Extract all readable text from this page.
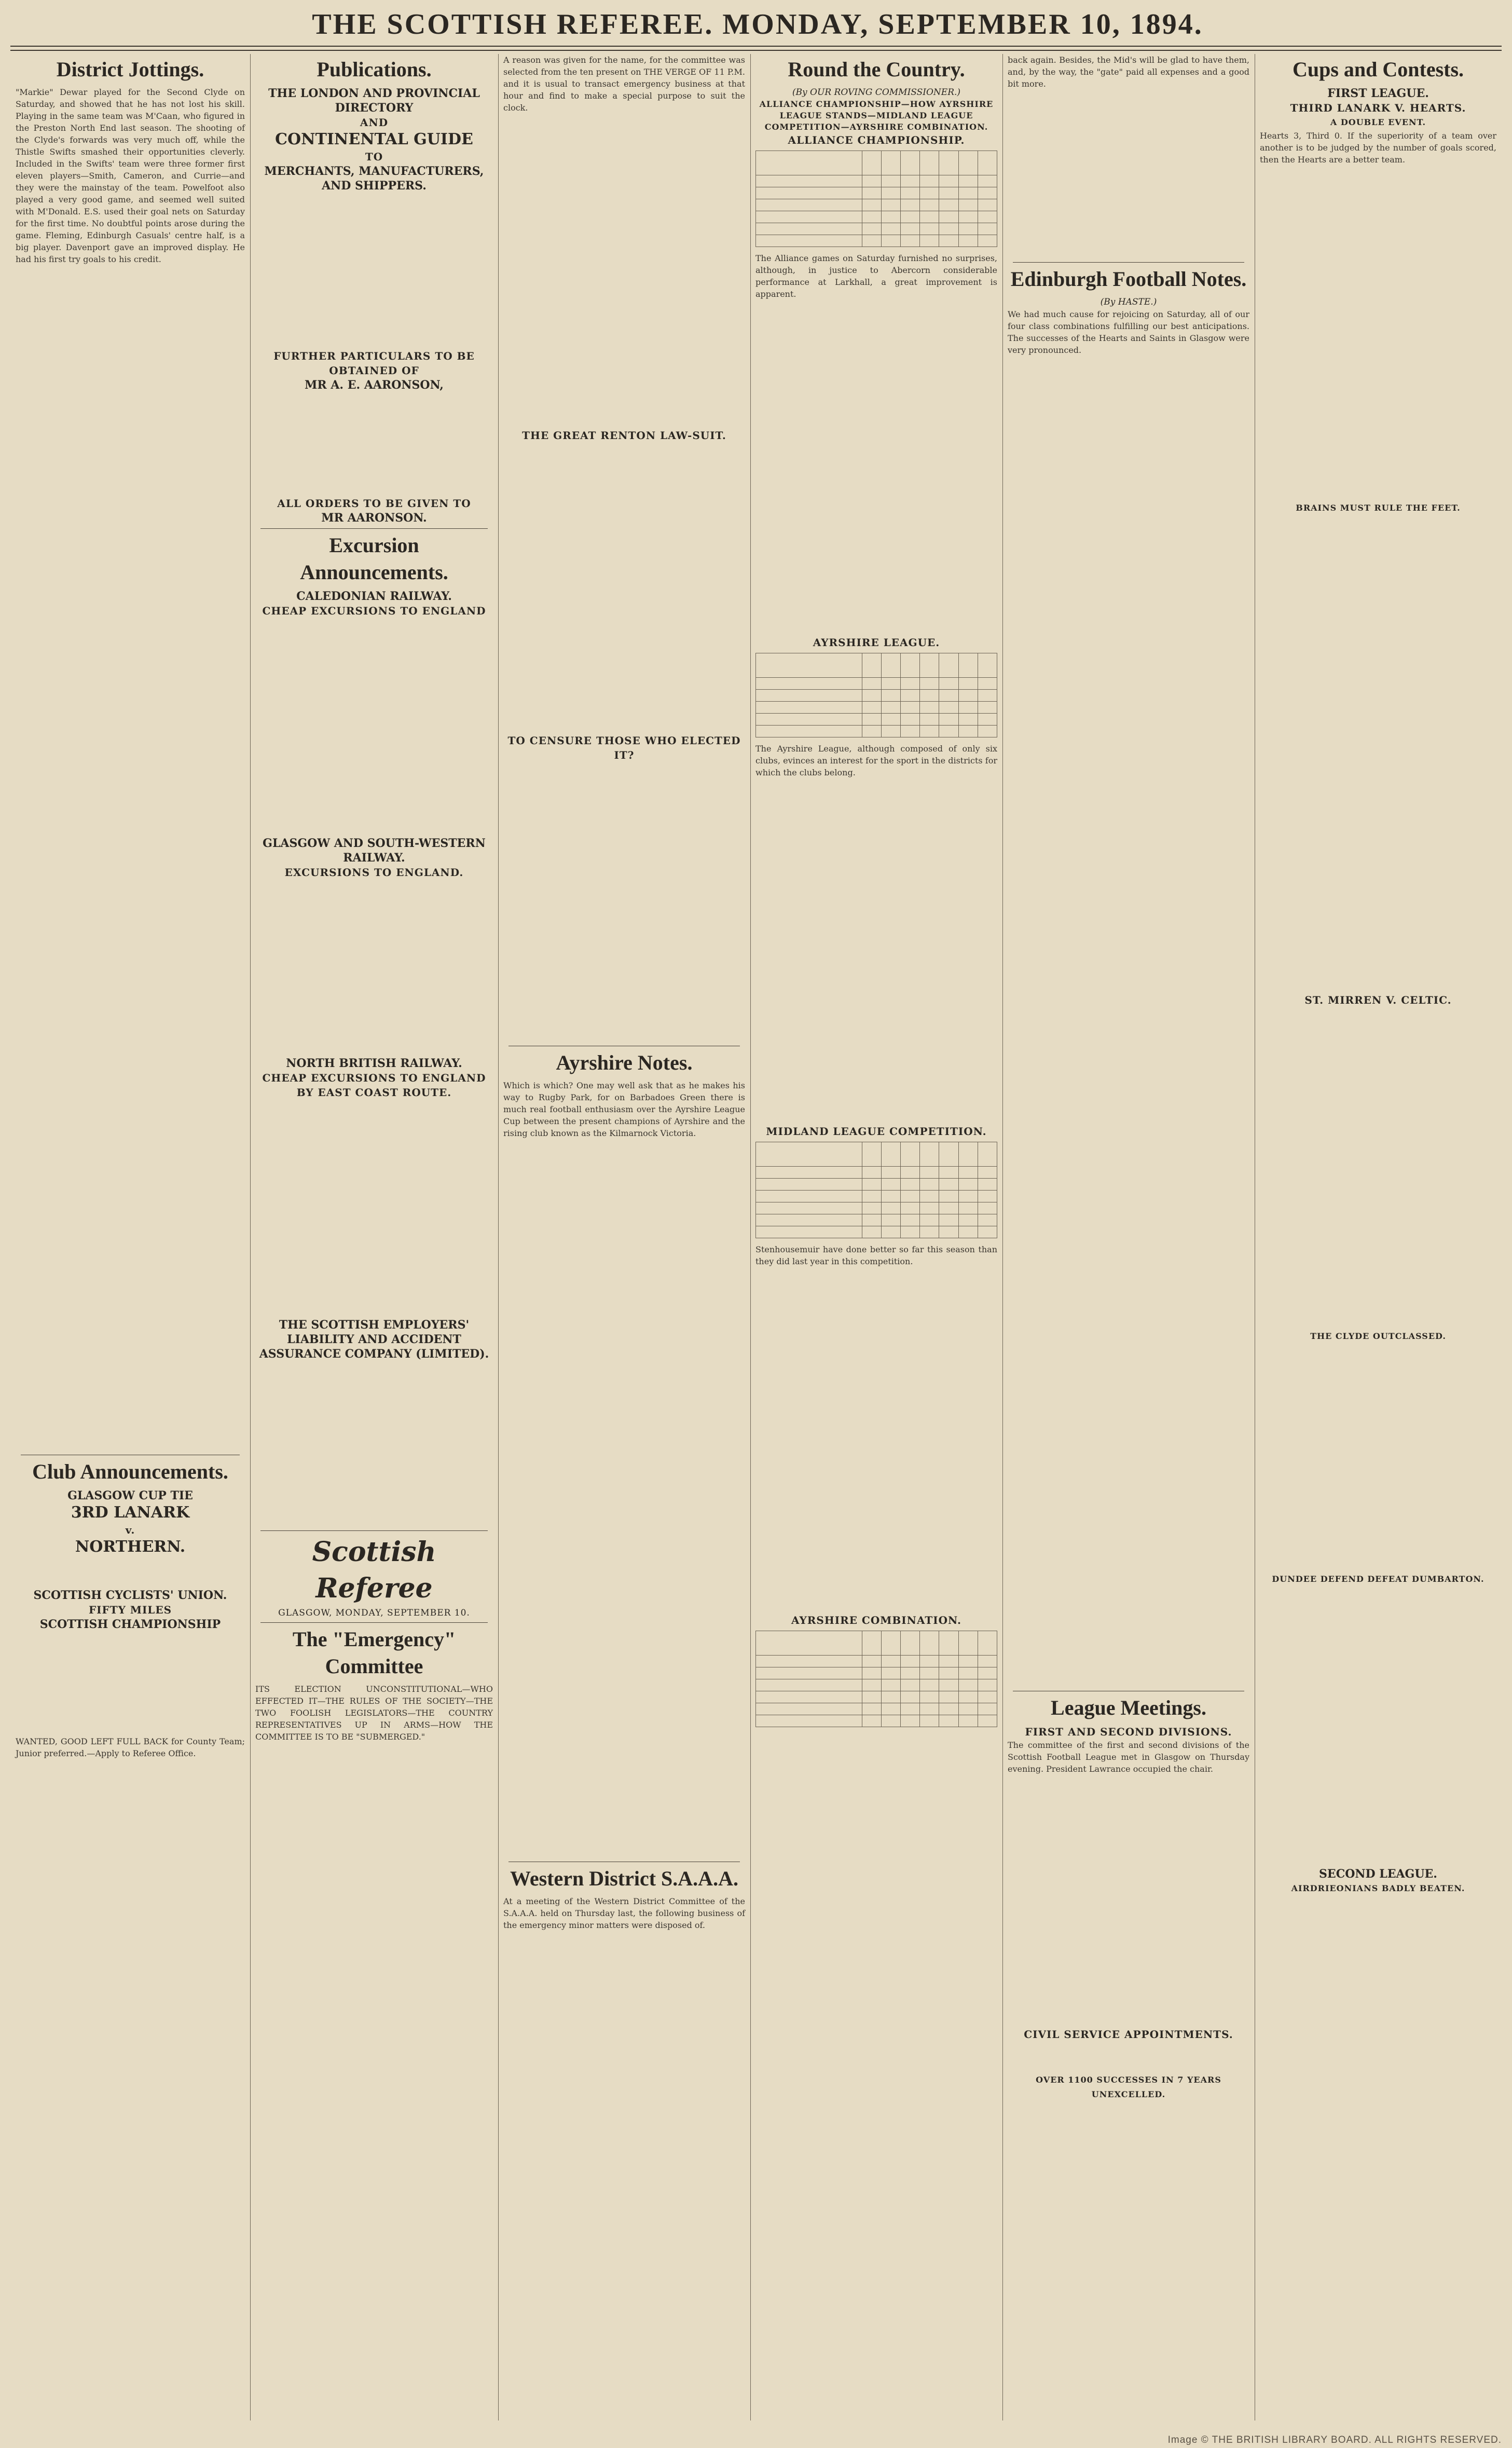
THE SCOTTISH REFEREE. MONDAY, SEPTEMBER 10, 1894.
District Jottings.

"Markie" Dewar played for the Second Clyde on Saturday, and showed that he has not lost his skill. Playing in the same team was M'Caan, who figured in the Preston North End last season. The shooting of the Clyde's forwards was very much off, while the Thistle Swifts smashed their opportunities cleverly. Included in the Swifts' team were three former first eleven players—Smith, Cameron, and Currie—and they were the mainstay of the team. Powelfoot also played a very good game, and seemed well suited with M'Donald. E.S. used their goal nets on Saturday for the first time. No doubtful points arose during the game. Fleming, Edinburgh Casuals' centre half, is a big player. Davenport gave an improved display. He had his first try goals to his credit.

Club Announcements.
GLASGOW CUP TIE
3RD LANARK
v.
NORTHERN.
SCOTTISH CYCLISTS' UNION.
FIFTY MILES
SCOTTISH CHAMPIONSHIP

WANTED, GOOD LEFT FULL BACK for County Team; Junior preferred.—Apply to Referee Office.

Publications.
THE LONDON AND PROVINCIAL DIRECTORY
AND
CONTINENTAL GUIDE
TO
MERCHANTS, MANUFACTURERS, AND SHIPPERS.
FURTHER PARTICULARS TO BE OBTAINED OF
MR A. E. AARONSON,
ALL ORDERS TO BE GIVEN TO
MR AARONSON.
Excursion Announcements.
CALEDONIAN RAILWAY.
CHEAP EXCURSIONS TO ENGLAND
GLASGOW AND SOUTH-WESTERN RAILWAY.
EXCURSIONS TO ENGLAND.
NORTH BRITISH RAILWAY.
CHEAP EXCURSIONS TO ENGLAND BY EAST COAST ROUTE.
THE SCOTTISH EMPLOYERS' LIABILITY AND ACCIDENT ASSURANCE COMPANY (LIMITED).
Scottish Referee
GLASGOW, MONDAY, SEPTEMBER 10.
The "Emergency" Committee

ITS ELECTION UNCONSTITUTIONAL—WHO EFFECTED IT—THE RULES OF THE SOCIETY—THE TWO FOOLISH LEGISLATORS—THE COUNTRY REPRESENTATIVES UP IN ARMS—HOW THE COMMITTEE IS TO BE "SUBMERGED."

A reason was given for the name, for the committee was selected from the ten present on THE VERGE OF 11 P.M. and it is usual to transact emergency business at that hour and find to make a special purpose to suit the clock.

THE GREAT RENTON LAW-SUIT.
TO CENSURE THOSE WHO ELECTED IT?
Ayrshire Notes.

Which is which? One may well ask that as he makes his way to Rugby Park, for on Barbadoes Green there is much real football enthusiasm over the Ayrshire League Cup between the present champions of Ayrshire and the rising club known as the Kilmarnock Victoria.

Western District S.A.A.A.

At a meeting of the Western District Committee of the S.A.A.A. held on Thursday last, the following business of the emergency minor matters were disposed of.

Round the Country.
(By OUR ROVING COMMISSIONER.)
ALLIANCE CHAMPIONSHIP—HOW AYRSHIRE LEAGUE STANDS—MIDLAND LEAGUE COMPETITION—AYRSHIRE COMBINATION.
ALLIANCE CHAMPIONSHIP.

The Alliance games on Saturday furnished no surprises, although, in justice to Abercorn considerable performance at Larkhall, a great improvement is apparent.

AYRSHIRE LEAGUE.

The Ayrshire League, although composed of only six clubs, evinces an interest for the sport in the districts for which the clubs belong.

MIDLAND LEAGUE COMPETITION.

Stenhousemuir have done better so far this season than they did last year in this competition.

AYRSHIRE COMBINATION.

back again. Besides, the Mid's will be glad to have them, and, by the way, the "gate" paid all expenses and a good bit more.

Edinburgh Football Notes.
(By HASTE.)

We had much cause for rejoicing on Saturday, all of our four class combinations fulfilling our best anticipations. The successes of the Hearts and Saints in Glasgow were very pronounced.

League Meetings.
FIRST AND SECOND DIVISIONS.

The committee of the first and second divisions of the Scottish Football League met in Glasgow on Thursday evening. President Lawrance occupied the chair.

CIVIL SERVICE APPOINTMENTS.
OVER 1100 SUCCESSES IN 7 YEARS UNEXCELLED.
Cups and Contests.
FIRST LEAGUE.
THIRD LANARK V. HEARTS.
A DOUBLE EVENT.

Hearts 3, Third 0. If the superiority of a team over another is to be judged by the number of goals scored, then the Hearts are a better team.

BRAINS MUST RULE THE FEET.
ST. MIRREN V. CELTIC.
THE CLYDE OUTCLASSED.
DUNDEE DEFEND DEFEAT DUMBARTON.
SECOND LEAGUE.
AIRDRIEONIANS BADLY BEATEN.
Image © THE BRITISH LIBRARY BOARD. ALL RIGHTS RESERVED.
